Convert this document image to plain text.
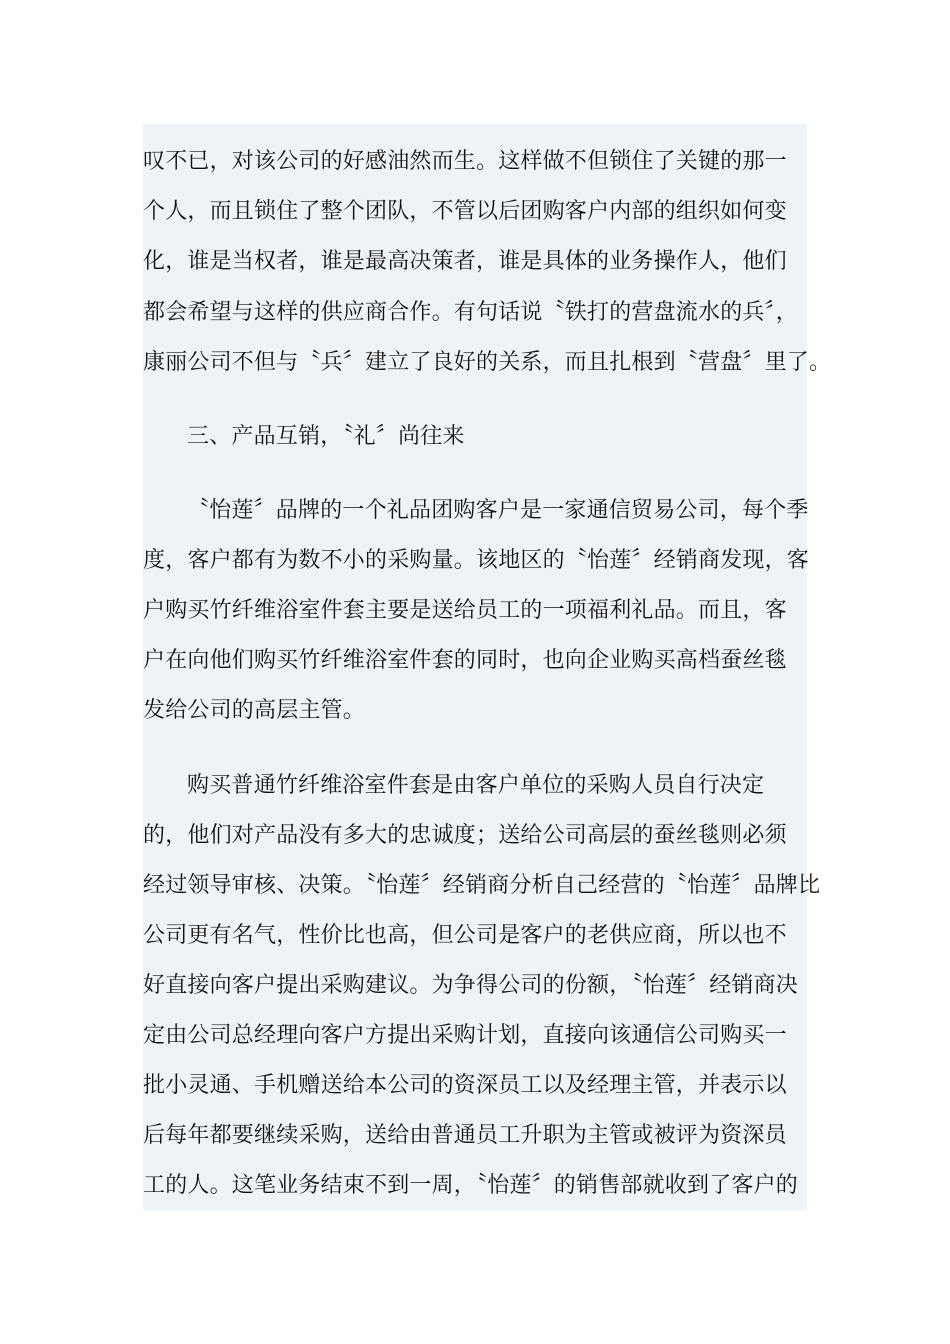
叹不已，对该公司的好感油然而生。这样做不但锁住了关键的那一
个人，而且锁住了整个团队，不管以后团购客户内部的组织如何变
化，谁是当权者，谁是最高决策者，谁是具体的业务操作人，他们
都会希望与这样的供应商合作。有句话说〝铁打的营盘流水的兵〞，
康丽公司不但与〝兵〞建立了良好的关系，而且扎根到〝营盘〞里了。
三、产品互销，〝礼〞尚往来
〝怡莲〞品牌的一个礼品团购客户是一家通信贸易公司，每个季
度，客户都有为数不小的采购量。该地区的〝怡莲〞经销商发现，客
户购买竹纤维浴室件套主要是送给员工的一项福利礼品。而且，客
户在向他们购买竹纤维浴室件套的同时，也向企业购买高档蚕丝毯
发给公司的高层主管。
购买普通竹纤维浴室件套是由客户单位的采购人员自行决定
的，他们对产品没有多大的忠诚度；送给公司高层的蚕丝毯则必须
经过领导审核、决策。〝怡莲〞经销商分析自己经营的〝怡莲〞品牌比
公司更有名气，性价比也高，但公司是客户的老供应商，所以也不
好直接向客户提出采购建议。为争得公司的份额，〝怡莲〞经销商决
定由公司总经理向客户方提出采购计划，直接向该通信公司购买一
批小灵通、手机赠送给本公司的资深员工以及经理主管，并表示以
后每年都要继续采购，送给由普通员工升职为主管或被评为资深员
工的人。这笔业务结束不到一周，〝怡莲〞的销售部就收到了客户的
